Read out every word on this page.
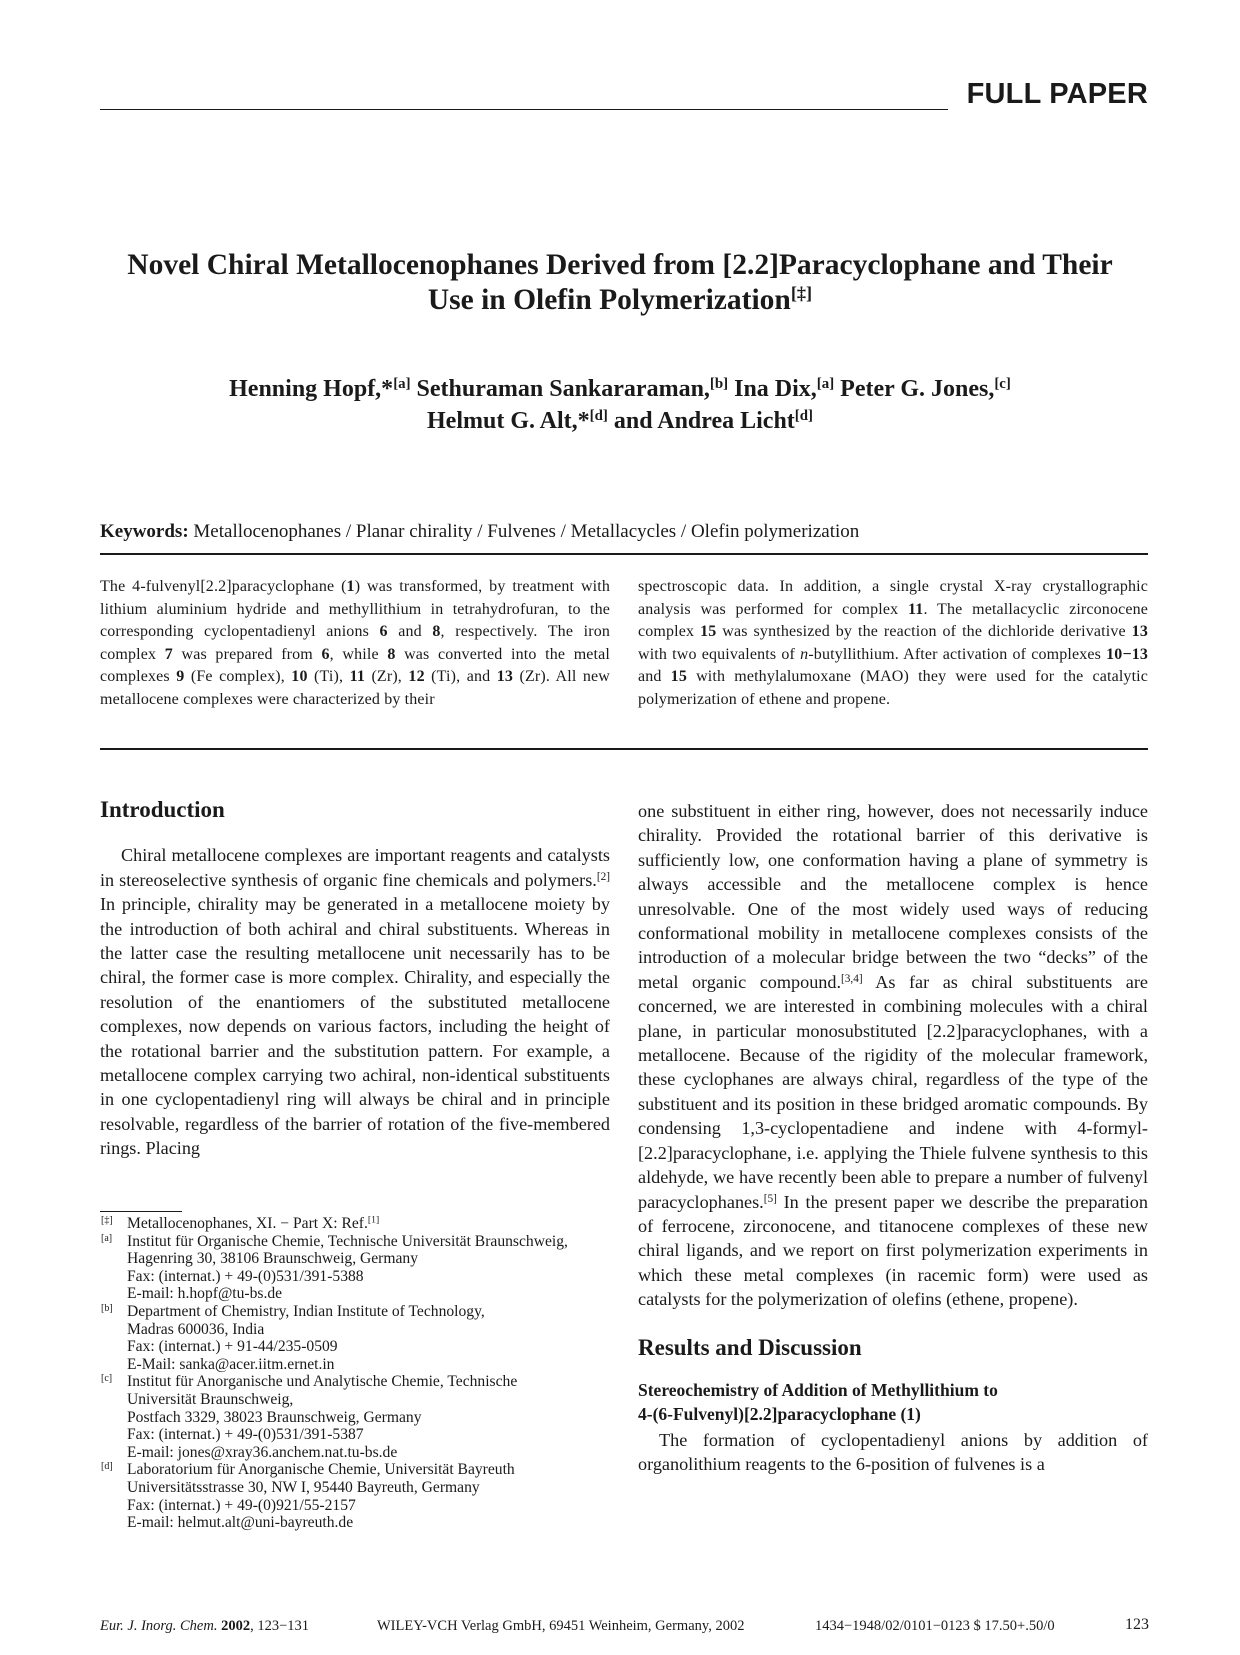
FULL PAPER
Novel Chiral Metallocenophanes Derived from [2.2]Paracyclophane and Their
Use in Olefin Polymerization[‡]
Henning Hopf,*[a] Sethuraman Sankararaman,[b] Ina Dix,[a] Peter G. Jones,[c]
Helmut G. Alt,*[d] and Andrea Licht[d]
Keywords: Metallocenophanes / Planar chirality / Fulvenes / Metallacycles / Olefin polymerization

The 4-fulvenyl[2.2]paracyclophane (1) was transformed, by treatment with lithium aluminium hydride and methyllithium in tetrahydrofuran, to the corresponding cyclopentadienyl anions 6 and 8, respectively. The iron complex 7 was prepared from 6, while 8 was converted into the metal complexes 9 (Fe complex), 10 (Ti), 11 (Zr), 12 (Ti), and 13 (Zr). All new metallocene complexes were characterized by their

spectroscopic data. In addition, a single crystal X-ray crystallographic analysis was performed for complex 11. The metallacyclic zirconocene complex 15 was synthesized by the reaction of the dichloride derivative 13 with two equivalents of n-butyllithium. After activation of complexes 10−13 and 15 with methylalumoxane (MAO) they were used for the catalytic polymerization of ethene and propene.

Introduction

Chiral metallocene complexes are important reagents and catalysts in stereoselective synthesis of organic fine chemicals and polymers.[2] In principle, chirality may be generated in a metallocene moiety by the introduction of both achiral and chiral substituents. Whereas in the latter case the resulting metallocene unit necessarily has to be chiral, the former case is more complex. Chirality, and especially the resolution of the enantiomers of the substituted metallocene complexes, now depends on various factors, including the height of the rotational barrier and the substitution pattern. For example, a metallocene complex carrying two achiral, non-identical substituents in one cyclopentadienyl ring will always be chiral and in principle resolvable, regardless of the barrier of rotation of the five-membered rings. Placing

[‡] Metallocenophanes, XI. − Part X: Ref.[1]
[a] Institut für Organische Chemie, Technische Universität Braunschweig,
Hagenring 30, 38106 Braunschweig, Germany
Fax: (internat.) + 49-(0)531/391-5388
E-mail: h.hopf@tu-bs.de
[b] Department of Chemistry, Indian Institute of Technology,
Madras 600036, India
Fax: (internat.) + 91-44/235-0509
E-Mail: sanka@acer.iitm.ernet.in
[c] Institut für Anorganische und Analytische Chemie, Technische
Universität Braunschweig,
Postfach 3329, 38023 Braunschweig, Germany
Fax: (internat.) + 49-(0)531/391-5387
E-mail: jones@xray36.anchem.nat.tu-bs.de
[d] Laboratorium für Anorganische Chemie, Universität Bayreuth
Universitätsstrasse 30, NW I, 95440 Bayreuth, Germany
Fax: (internat.) + 49-(0)921/55-2157
E-mail: helmut.alt@uni-bayreuth.de

one substituent in either ring, however, does not necessarily induce chirality. Provided the rotational barrier of this derivative is sufficiently low, one conformation having a plane of symmetry is always accessible and the metallocene complex is hence unresolvable. One of the most widely used ways of reducing conformational mobility in metallocene complexes consists of the introduction of a molecular bridge between the two “decks” of the metal organic compound.[3,4] As far as chiral substituents are concerned, we are interested in combining molecules with a chiral plane, in particular monosubstituted [2.2]paracyclophanes, with a metallocene. Because of the rigidity of the molecular framework, these cyclophanes are always chiral, regardless of the type of the substituent and its position in these bridged aromatic compounds. By condensing 1,3-cyclopentadiene and indene with 4-formyl-[2.2]paracyclophane, i.e. applying the Thiele fulvene synthesis to this aldehyde, we have recently been able to prepare a number of fulvenyl paracyclophanes.[5] In the present paper we describe the preparation of ferrocene, zirconocene, and titanocene complexes of these new chiral ligands, and we report on first polymerization experiments in which these metal complexes (in racemic form) were used as catalysts for the polymerization of olefins (ethene, propene).

Results and Discussion
Stereochemistry of Addition of Methyllithium to
4-(6-Fulvenyl)[2.2]paracyclophane (1)

The formation of cyclopentadienyl anions by addition of organolithium reagents to the 6-position of fulvenes is a

Eur. J. Inorg. Chem. 2002, 123−131	WILEY-VCH Verlag GmbH, 69451 Weinheim, Germany, 2002	1434−1948/02/0101−0123 $ 17.50+.50/0	123
